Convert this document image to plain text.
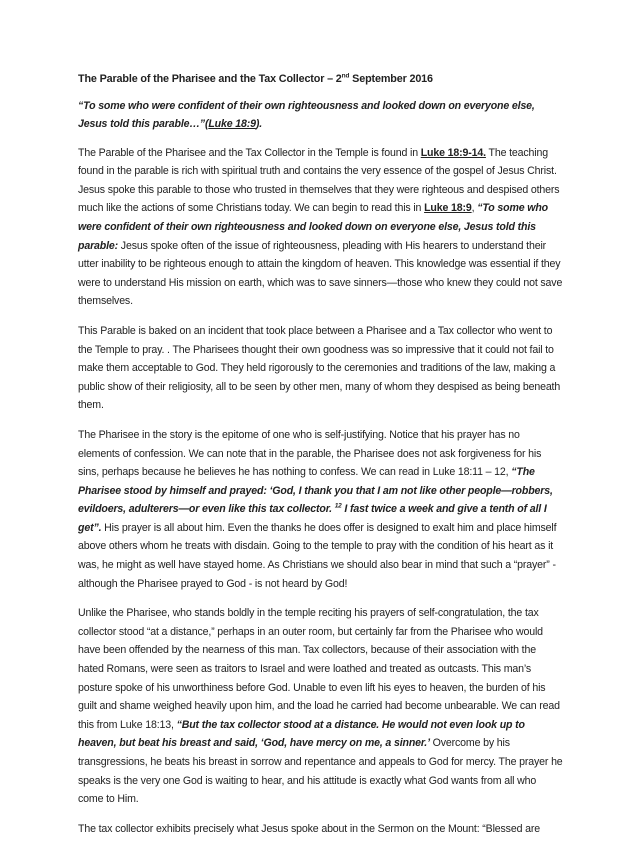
The Parable of the Pharisee and the Tax Collector – 2nd September 2016
“To some who were confident of their own righteousness and looked down on everyone else, Jesus told this parable…”(Luke 18:9).

The Parable of the Pharisee and the Tax Collector in the Temple is found in Luke 18:9-14. The teaching found in the parable is rich with spiritual truth and contains the very essence of the gospel of Jesus Christ. Jesus spoke this parable to those who trusted in themselves that they were righteous and despised others much like the actions of some Christians today. We can begin to read this in Luke 18:9, “To some who were confident of their own righteousness and looked down on everyone else, Jesus told this parable: Jesus spoke often of the issue of righteousness, pleading with His hearers to understand their utter inability to be righteous enough to attain the kingdom of heaven. This knowledge was essential if they were to understand His mission on earth, which was to save sinners—those who knew they could not save themselves.

This Parable is baked on an incident that took place between a Pharisee and a Tax collector who went to the Temple to pray. . The Pharisees thought their own goodness was so impressive that it could not fail to make them acceptable to God. They held rigorously to the ceremonies and traditions of the law, making a public show of their religiosity, all to be seen by other men, many of whom they despised as being beneath them.

The Pharisee in the story is the epitome of one who is self-justifying. Notice that his prayer has no elements of confession. We can note that in the parable, the Pharisee does not ask forgiveness for his sins, perhaps because he believes he has nothing to confess. We can read in Luke 18:11 – 12, “The Pharisee stood by himself and prayed: ‘God, I thank you that I am not like other people—robbers, evildoers, adulterers—or even like this tax collector. $^{12}$ I fast twice a week and give a tenth of all I get”. His prayer is all about him. Even the thanks he does offer is designed to exalt him and place himself above others whom he treats with disdain. Going to the temple to pray with the condition of his heart as it was, he might as well have stayed home. As Christians we should also bear in mind that such a “prayer” - although the Pharisee prayed to God - is not heard by God!

Unlike the Pharisee, who stands boldly in the temple reciting his prayers of self-congratulation, the tax collector stood “at a distance,” perhaps in an outer room, but certainly far from the Pharisee who would have been offended by the nearness of this man. Tax collectors, because of their association with the hated Romans, were seen as traitors to Israel and were loathed and treated as outcasts. This man’s posture spoke of his unworthiness before God. Unable to even lift his eyes to heaven, the burden of his guilt and shame weighed heavily upon him, and the load he carried had become unbearable. We can read this from Luke 18:13, “But the tax collector stood at a distance. He would not even look up to heaven, but beat his breast and said, ‘God, have mercy on me, a sinner.’ Overcome by his transgressions, he beats his breast in sorrow and repentance and appeals to God for mercy. The prayer he speaks is the very one God is waiting to hear, and his attitude is exactly what God wants from all who come to Him.

The tax collector exhibits precisely what Jesus spoke about in the Sermon on the Mount: “Blessed are
